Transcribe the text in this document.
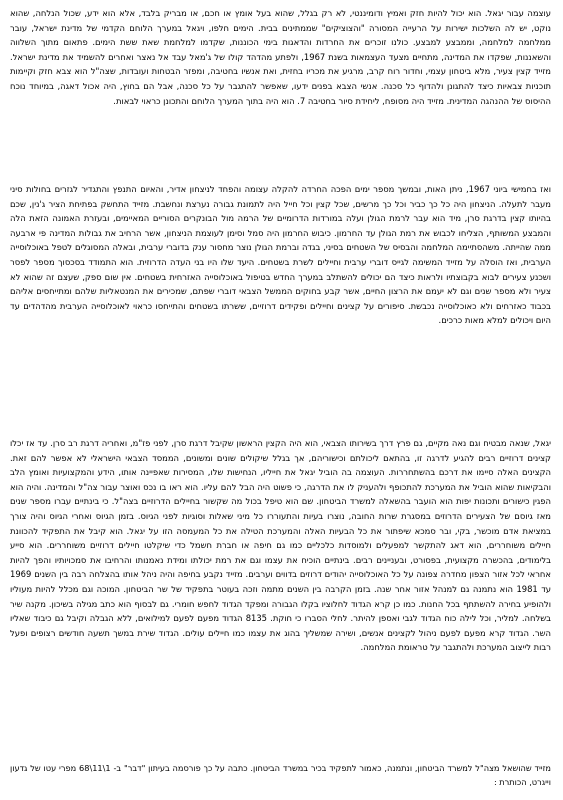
עוצמה עבור יגאל. הוא יכול להיות חזק ואמיץ ודומיננטי, לא רק בגלל, שהוא בעל אומץ או חכם, או מבריק בלבד, אלא הוא ידע, שכול הנלחה, שהוא נוקט, יש לה השלכות ישירות על הרעייה המסורה "והצוציקים" שממתינים בבית. הימים חלפו, ויגאל במערך הלוחם הקדמי של מדינת ישראל, עובר ממלחמה למלחמה, וממבצע למבצע. כולנו זוכרים את החרדות והדאגות בימי הכוננות, שקדמו למלחמת שאת ששת הימים. פתאום מתוך השלווה והשאננות, שפקדו את המדינה, מתחיים מצעד העצמאות בשנת 1967, ולפתע מהדהד קולו של ג'מאל עבד אל נאצר ואחרים להשמיד את מדינת ישראל. מזייד קצין צעיר, מלא ביטחון עצמי, וחדור רוח קרב, מרגיע את מכריו בחזית, ואת אנשיו בחטיבה, ומפזר הבטחות ועובדות, שצה"ל הוא צבא חזק וקיימות תוכניות צבאיות כיצד להתגונן ולהדוף כל סכנה. אנשי הצבא בפנים ידעו, שאפשר להתגבר על כל סכנה, אבל הם בחוץ, היה אכול דאגה, במיוחד נוכח ההיסוס של ההנהגה המדינית. מזייד היה מסופח, ליחידת סיור בחטיבה 7. הוא היה בתוך המערך הלוחם והתכונן כראוי לבאות.

ואז בחמישי ביוני 1967, ניתן האות, ובמשך מספר ימים הפכה החרדה להקלה עצומה והפחד לניצחון אדיר, והאיום התנפץ והתגדיר לגזרים בחולות סיני מעבר לתעלה. הניצחון היה כל כך כביר וכל כך מרשים, שכל קצין וכל חייל היה לתמונת גבורה נערצת ונחשבת. מזייד התחשק בפתיחת הציר ג'נין, שכם בהיותו קצין בדרגת סרן, מיד הוא עבר לרמת הגולן ועלה במורדות הדרומיים של הרמה מול הבונקרים הסוריים המאיימים, ובעזרת האמונה הזאת הלה והמבצע המשותף, הצליחו לכבוש את רמת הגולן עד החרמון. כיבוש החרמון היה סמל וסימן לעוצמת הניצחון, אשר הרחיב את גבולות המדינה פי ארבעה ממה שהייתה. משהסתיימה המלחמה והבסיס של השטחים בסיני, בגדה וברמת הגולן נוצר מחסור ענק בדוברי ערבית, ובאלה המסוגלים לטפל באוכלוסייה הערבית, ואז הוסלה על מזייד המשימה לגייס דוברי ערבית וחיילים לשרת בשטחים. היעד שלו היו בני העדה הדרוזית. הוא התמודד בסכסוך מספר לפסר ושכנע צעירים לבוא בקבוצתיו ולראות כיצד הם יכולים להשתלב במערך החדש בטיפול באוכלוסייה האזרחית בשטחים. אין שום ספק, שעצם זה שהוא לא צעיר ולא מספר שנים וגם לא יעמם את הרצון החיים, אשר קבע בחוקים הממשל הצבאי דוברי שפתם, שמכירים את המנטאליות שלהם ומתייחסים אליהם בכבוד כאזרחים ולא כאוכלוסייה נכבשת. סיפורים על קצינים וחיילים ופקידים דרוזיים, ששרתו בשטחים והתייחסו כראוי לאוכלוסייה הערבית מהדהדים עד היום ויכולים למלא מאות כרכים.

יגאל, שנאה מבטיח וגם נאה מקיים, גם פרץ דרך בשירותו הצבאי, הוא היה הקצין הראשון שקיבל דרגת סרן, לפני פז"מ, ואחריה דרגת רב סרן. עד אז יכלו קצינים דרוזיים רבים להגיע לדרגה זו, בהתאם ליכולתם וכישוריהם, אך בגלל שיקולים שונים ומשונים, הממסד הצבאי הישראלי לא אפשר להם זאת. הקצינים האלה סיימו את דרכם בהשתחררות. העוצמה בה הוביל יגאל את חייליו, הנחישות שלו, המסירות שאפיינה אותו, הידע והמקצועיות ואומץ הלב והבקיאות שהוא הוביל את המערכת להתכופף ולהעניק לו את הדרגה, כי פשוט היה הבל להם עליו. הוא ראו בו נכס ואוצר עבור צה"ל והמדינה. והיה הוא הפגין כישורים ותכונות יפות הוא הועבר בהשאלה למשרד הביטחון. שם הוא טיפל בכול מה שקשור בחיילים הדרוזיים בצה"ל. כי בינתיים עברו מספר שנים מאז גיוסם של הצעירים הדרוזים במסגרת שרות החובה, נוצרו בעיות והתעוררו כל מיני שאלות וסוגיות לפני הגיוס. בזמן הגיוס ואחרי הגיוס והיה צורך במציאת אדם מוכשר, בקי, ובר סמכא שיפתור את כל הבעיות האלה והמערכת הטילה את כל המעמסה הזו על יגאל. הוא קיבל את התפקיד להכוונת חיילים משוחררים, הוא דאג להתקשר למפעלים ולמוסדות כלכליים כמו גם חיפה או חברת חשמל כדי שיקלטו חיילים דרוזיים משוחררים. הוא סייע בלימודים, בהכשרה מקצועית, בפסורט, ובעניינים רבים. בינתיים הוכיח את עצמו וגם את רמת יכולתו ומידת נאמנותו והרחיבו את סמכויותיו והפך להיות אחראי לכל אזור הצפון מחדרה צפונה על כל האוכלוסייה יהודים דרוזים בדווים וערבים. מזייד נקבע בחיפה והיה ניהל אותו בהצלחה רבה בין השנים 1969 עד 1981 הוא נתמנה גם למנהל אזור אחר שנה. בזמן הקרבה בין השנים מתמה וזכה בעוטר בתפקיד של שר הביטחון. המוכה וגם מכלל להיות מעוליו ולהופיע בחירה להשתתף בכל החנות. כמו כן קרא הגדוד לחלוציו בקלו הגבורה ומפקד הגדוד לחפש חומרי. גם לבסוף הוא כתב מגילה בשיכון. מקנה שיר בשלחה. למליר, וכל לילה כוח הגדוד לגבי ואספן להיתר. לחלי הסברו כי חוקת. 8135 הגדוד מפעם לפעם למילואים, ללא הגבלה וקיבל גם כיבוד שאליו השר. הגדוד קרא מפעם לפעם ניהול לקצינים אנשים, ושירה שמשליך בהוג את עצמו כמו חיילים עולים. הגדוד שירת במשך תשעה חודשים רצופים ופעל רבות לייצוב המערכת ולהתגבר על טראומת המלחמה.

מזייד שהושאל מצה"ל למשרד הביטחון, ונתמנה, כאמור לתפקיד בכיר במשרד הביטחון. כתבה על כך פורסמה בעיתון "דבר" ב- 1\11\68 מפרי עטו של גדעון וייגרט, הכותרת :
